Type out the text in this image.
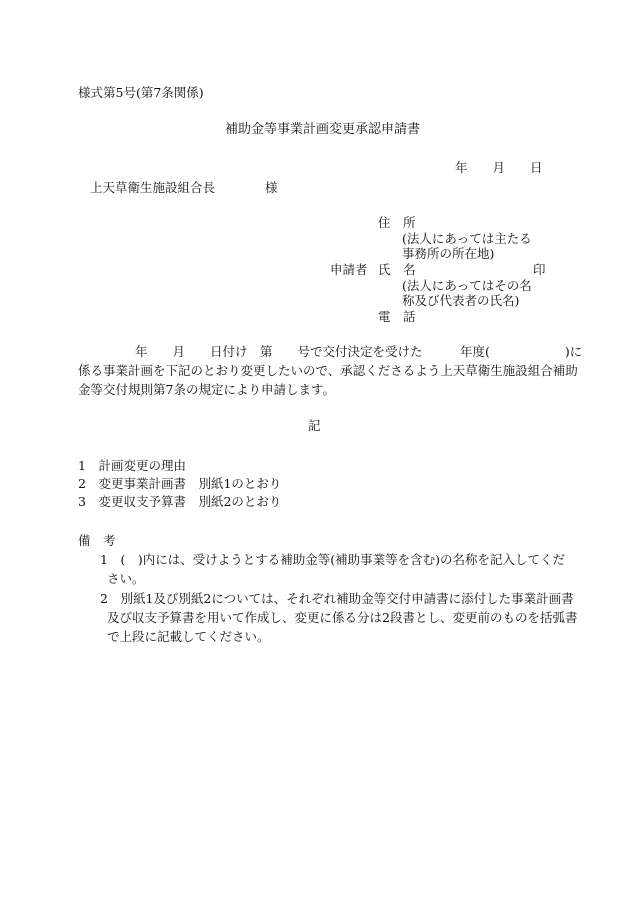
様式第5号(第7条関係)
補助金等事業計画変更承認申請書
年　　月　　日
上天草衛生施設組合長　　　　様
住　所
(法人にあっては主たる
事務所の所在地)
申請者 氏　名	印
(法人にあってはその名
称及び代表者の氏名)
電　話
年　　月　　日付け　第　　号で交付決定を受けた　　　年度(　　　　　　)に
係る事業計画を下記のとおり変更したいので、承認くださるよう上天草衛生施設組合補助
金等交付規則第7条の規定により申請します。
記
1　計画変更の理由
2　変更事業計画書　別紙1のとおり
3　変更収支予算書　別紙2のとおり
備　考
1　(　)内には、受けようとする補助金等(補助事業等を含む)の名称を記入してくだ
さい。
2　別紙1及び別紙2については、それぞれ補助金等交付申請書に添付した事業計画書
及び収支予算書を用いて作成し、変更に係る分は2段書とし、変更前のものを括弧書
で上段に記載してください。
